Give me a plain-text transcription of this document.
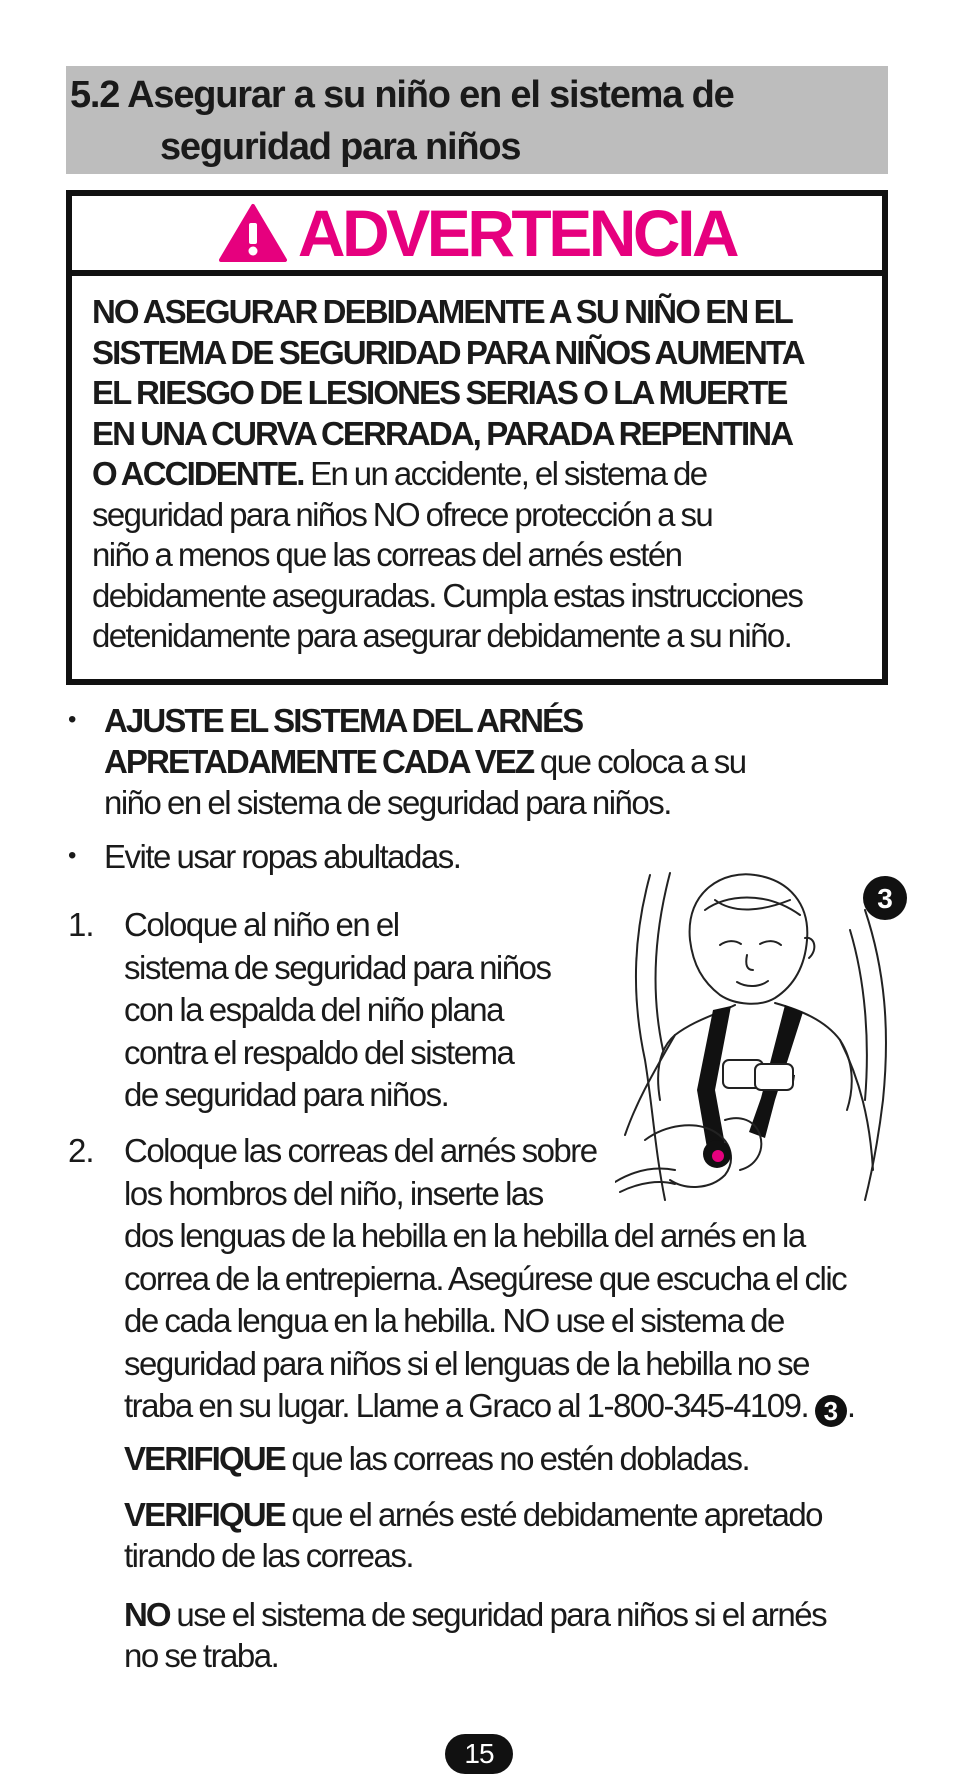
5.2 Asegurar a su niño en el sistema de
seguridad para niños
ADVERTENCIA
NO ASEGURAR DEBIDAMENTE A SU NIÑO EN EL
SISTEMA DE SEGURIDAD PARA NIÑOS AUMENTA
EL RIESGO DE LESIONES SERIAS O LA MUERTE
EN UNA CURVA CERRADA, PARADA REPENTINA
O ACCIDENTE. En un accidente, el sistema de
seguridad para niños NO ofrece protección a su
niño a menos que las correas del arnés estén
debidamente aseguradas. Cumpla estas instrucciones
detenidamente para asegurar debidamente a su niño.
• AJUSTE EL SISTEMA DEL ARNÉS
APRETADAMENTE CADA VEZ que coloca a su
niño en el sistema de seguridad para niños.
• Evite usar ropas abultadas.
1. Coloque al niño en el
sistema de seguridad para niños
con la espalda del niño plana
contra el respaldo del sistema
de seguridad para niños.
2. Coloque las correas del arnés sobre
los hombros del niño, inserte las
dos lenguas de la hebilla en la hebilla del arnés en la
correa de la entrepierna. Asegúrese que escucha el clic
de cada lengua en la hebilla. NO use el sistema de
seguridad para niños si el lenguas de la hebilla no se
traba en su lugar. Llame a Graco al 1-800-345-4109. 3 .
VERIFIQUE que las correas no estén dobladas.
VERIFIQUE que el arnés esté debidamente apretado
tirando de las correas.
NO use el sistema de seguridad para niños si el arnés
no se traba.
3
15
